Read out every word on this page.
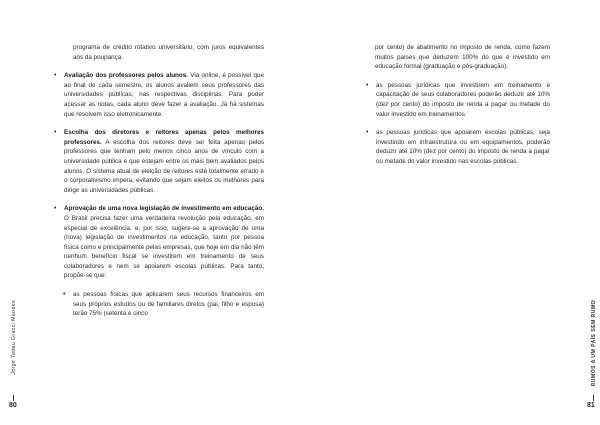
programa de crédito rotativo universitário, com juros equivalentes aos da poupança.
• Avaliação dos professores pelos alunos. Via online, é possível que ao final de cada semestre, os alunos avaliem seus professores das universidades públicas, nas respectivas disciplinas. Para poder acessar as notas, cada aluno deve fazer a avaliação. Já há sistemas que resolvem isso eletronicamente.
• Escolha dos diretores e reitores apenas pelos melhores professores. A escolha dos reitores deve ser feita apenas pelos professores que tenham pelo menos cinco anos de vínculo com a universidade pública e que estejam entre os mais bem avaliados pelos alunos. O sistema atual de eleição de reitores está totalmente errado e o corporativismo impera, evitando que sejam eleitos os melhores para dirigir as universidades públicas.
• Aprovação de uma nova legislação de investimento em educação. O Brasil precisa fazer uma verdadeira revolução pela educação, em especial de excelência, e, por isso, sugere-se a aprovação de uma (nova) legislação de investimentos na educação, tanto por pessoa física como e principalmente pelas empresas, que hoje em dia não têm nenhum benefício fiscal se investirem em treinamento de seus colaboradores e nem se apoiarem escolas públicas. Para tanto, propõe-se que:
• as pessoas físicas que aplicarem seus recursos financeiros em seus próprios estudos ou de familiares diretos (pai, filho e esposa) terão 75% (setenta e cinco
Jorge Tadeu Grazzi Mendes
80
por cento) de abatimento no imposto de renda, como fazem muitos países que deduzem 100% do que é investido em educação formal (graduação e pós-graduação).
• as pessoas jurídicas que investirem em treinamento e capacitação de seus colaboradores poderão deduzir até 10% (dez por cento) do imposto de renda a pagar ou metade do valor investido em treinamentos.
• as pessoas jurídicas que apoiarem escolas públicas, seja investindo em infraestrutura ou em equipamentos, poderão deduzir até 10% (dez por cento) do imposto de renda a pagar ou metade do valor investido nas escolas públicas.
RUMOS A UM PAÍS SEM RUMO
81
